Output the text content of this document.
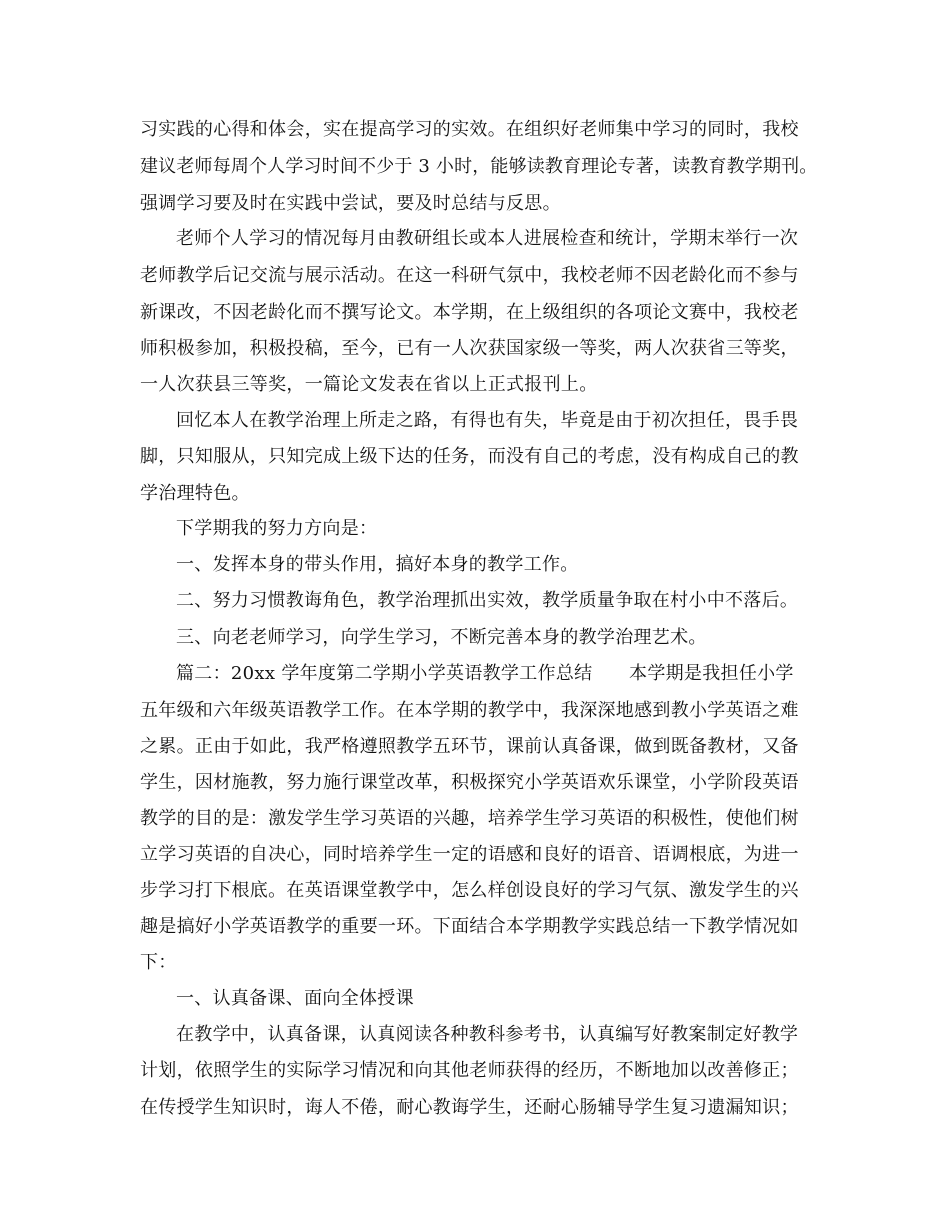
习实践的心得和体会，实在提高学习的实效。在组织好老师集中学习的同时，我校
建议老师每周个人学习时间不少于 3 小时，能够读教育理论专著，读教育教学期刊。
强调学习要及时在实践中尝试，要及时总结与反思。
老师个人学习的情况每月由教研组长或本人进展检查和统计，学期末举行一次
老师教学后记交流与展示活动。在这一科研气氛中，我校老师不因老龄化而不参与
新课改，不因老龄化而不撰写论文。本学期，在上级组织的各项论文赛中，我校老
师积极参加，积极投稿，至今，已有一人次获国家级一等奖，两人次获省三等奖，
一人次获县三等奖，一篇论文发表在省以上正式报刊上。
回忆本人在教学治理上所走之路，有得也有失，毕竟是由于初次担任，畏手畏
脚，只知服从，只知完成上级下达的任务，而没有自己的考虑，没有构成自己的教
学治理特色。
下学期我的努力方向是：
一、发挥本身的带头作用，搞好本身的教学工作。
二、努力习惯教诲角色，教学治理抓出实效，教学质量争取在村小中不落后。
三、向老老师学习，向学生学习，不断完善本身的教学治理艺术。
篇二：20xx 学年度第二学期小学英语教学工作总结　　本学期是我担任小学
五年级和六年级英语教学工作。在本学期的教学中，我深深地感到教小学英语之难
之累。正由于如此，我严格遵照教学五环节，课前认真备课，做到既备教材，又备
学生，因材施教，努力施行课堂改革，积极探究小学英语欢乐课堂，小学阶段英语
教学的目的是：激发学生学习英语的兴趣，培养学生学习英语的积极性，使他们树
立学习英语的自决心，同时培养学生一定的语感和良好的语音、语调根底，为进一
步学习打下根底。在英语课堂教学中，怎么样创设良好的学习气氛、激发学生的兴
趣是搞好小学英语教学的重要一环。下面结合本学期教学实践总结一下教学情况如
下：
一、认真备课、面向全体授课
在教学中，认真备课，认真阅读各种教科参考书，认真编写好教案制定好教学
计划，依照学生的实际学习情况和向其他老师获得的经历，不断地加以改善修正；
在传授学生知识时，诲人不倦，耐心教诲学生，还耐心肠辅导学生复习遗漏知识；
